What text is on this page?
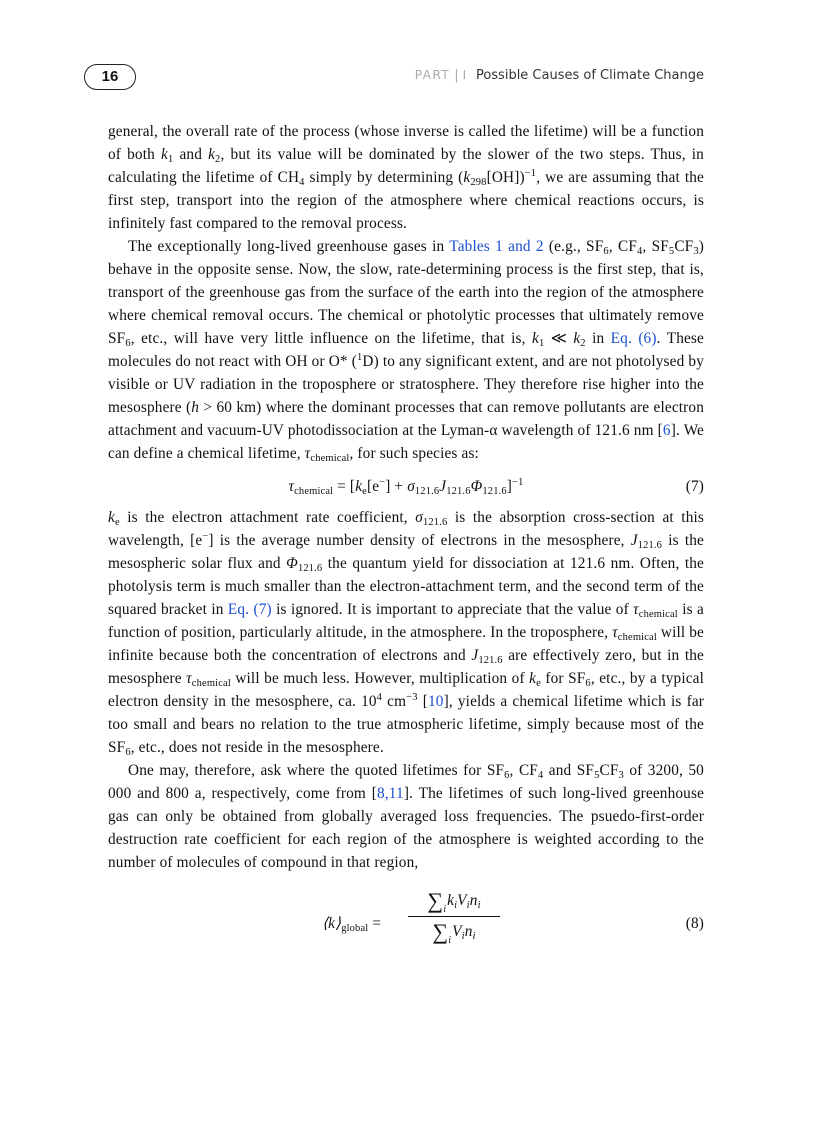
16	PART | I Possible Causes of Climate Change

general, the overall rate of the process (whose inverse is called the lifetime) will be a function of both $k_1$ and $k_2$, but its value will be dominated by the slower of the two steps. Thus, in calculating the lifetime of $CH_4$ simply by determining $(k_{298}[OH])^{-1}$, we are assuming that the first step, transport into the region of the atmosphere where chemical reactions occurs, is infinitely fast compared to the removal process.

The exceptionally long-lived greenhouse gases in Tables 1 and 2 (e.g., $SF_6$, $CF_4$, $SF_5CF_3$) behave in the opposite sense. Now, the slow, rate-determining process is the first step, that is, transport of the greenhouse gas from the surface of the earth into the region of the atmosphere where chemical removal occurs. The chemical or photolytic processes that ultimately remove $SF_6$, etc., will have very little influence on the lifetime, that is, $k_1$ ≪ $k_2$ in Eq. (6). These molecules do not react with OH or O* ($^1$D) to any significant extent, and are not photolysed by visible or UV radiation in the troposphere or stratosphere. They therefore rise higher into the mesosphere (h > 60 km) where the dominant processes that can remove pollutants are electron attachment and vacuum-UV photodissociation at the Lyman-α wavelength of 121.6 nm [6]. We can define a chemical lifetime, $\tau_{chemical}$, for such species as:

$\tau_{chemical} = [k_e[e^-] + \sigma_{121.6}J_{121.6}\Phi_{121.6}]^{-1}$	(7)

$k_e$ is the electron attachment rate coefficient, $\sigma_{121.6}$ is the absorption cross-section at this wavelength, [e−] is the average number density of electrons in the mesosphere, $J_{121.6}$ is the mesospheric solar flux and $\Phi_{121.6}$ the quantum yield for dissociation at 121.6 nm. Often, the photolysis term is much smaller than the electron-attachment term, and the second term of the squared bracket in Eq. (7) is ignored. It is important to appreciate that the value of $\tau_{chemical}$ is a function of position, particularly altitude, in the atmosphere. In the troposphere, $\tau_{chemical}$ will be infinite because both the concentration of electrons and $J_{121.6}$ are effectively zero, but in the mesosphere $\tau_{chemical}$ will be much less. However, multiplication of $k_e$ for $SF_6$, etc., by a typical electron density in the mesosphere, ca. $10^4$ $cm^{-3}$ [10], yields a chemical lifetime which is far too small and bears no relation to the true atmospheric lifetime, simply because most of the $SF_6$, etc., does not reside in the mesosphere.

One may, therefore, ask where the quoted lifetimes for $SF_6$, $CF_4$ and $SF_5CF_3$ of 3200, 50 000 and 800 a, respectively, come from [8,11]. The lifetimes of such long-lived greenhouse gas can only be obtained from globally averaged loss frequencies. The psuedo-first-order destruction rate coefficient for each region of the atmosphere is weighted according to the number of molecules of compound in that region,

$⟨k⟩_{global}$ =
$\sum_ik_iV_in_i$
$\sum_iV_in_i$
(8)
